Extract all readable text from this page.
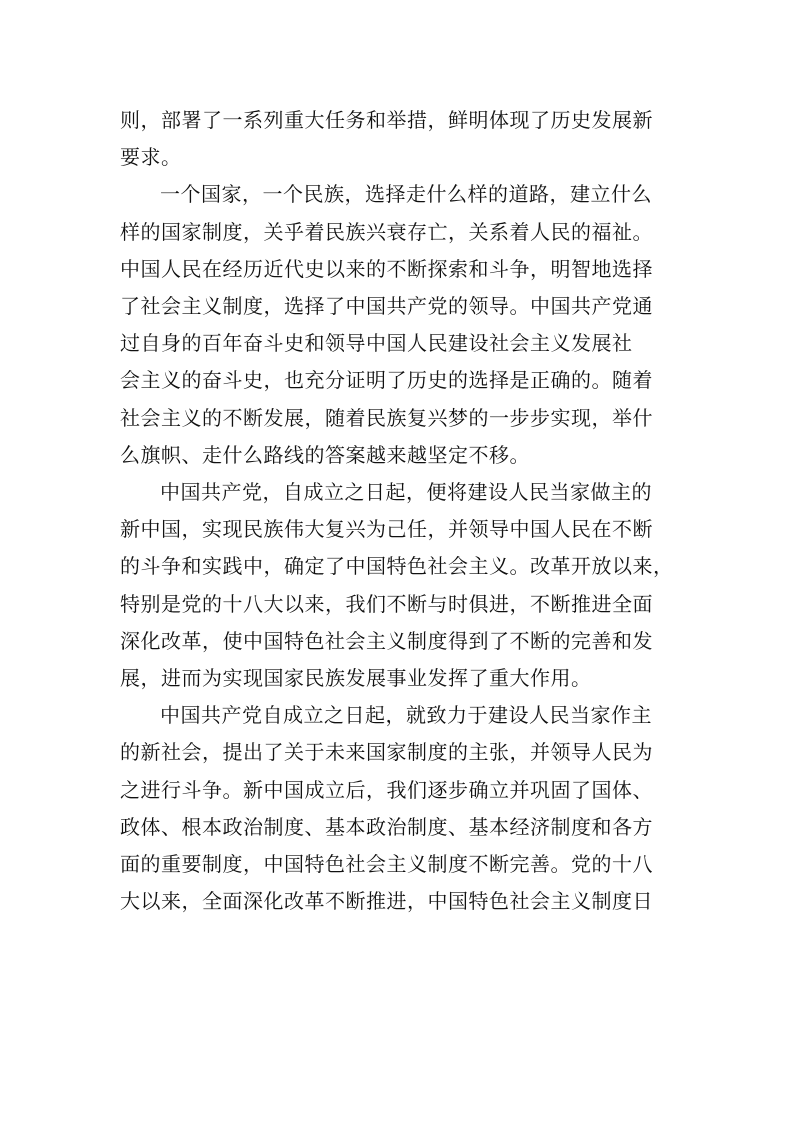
则，部署了一系列重大任务和举措，鲜明体现了历史发展新
要求。
一个国家，一个民族，选择走什么样的道路，建立什么
样的国家制度，关乎着民族兴衰存亡，关系着人民的福祉。
中国人民在经历近代史以来的不断探索和斗争，明智地选择
了社会主义制度，选择了中国共产党的领导。中国共产党通
过自身的百年奋斗史和领导中国人民建设社会主义发展社
会主义的奋斗史，也充分证明了历史的选择是正确的。随着
社会主义的不断发展，随着民族复兴梦的一步步实现，举什
么旗帜、走什么路线的答案越来越坚定不移。
中国共产党，自成立之日起，便将建设人民当家做主的
新中国，实现民族伟大复兴为己任，并领导中国人民在不断
的斗争和实践中，确定了中国特色社会主义。改革开放以来，
特别是党的十八大以来，我们不断与时俱进，不断推进全面
深化改革，使中国特色社会主义制度得到了不断的完善和发
展，进而为实现国家民族发展事业发挥了重大作用。
中国共产党自成立之日起，就致力于建设人民当家作主
的新社会，提出了关于未来国家制度的主张，并领导人民为
之进行斗争。新中国成立后，我们逐步确立并巩固了国体、
政体、根本政治制度、基本政治制度、基本经济制度和各方
面的重要制度，中国特色社会主义制度不断完善。党的十八
大以来，全面深化改革不断推进，中国特色社会主义制度日
